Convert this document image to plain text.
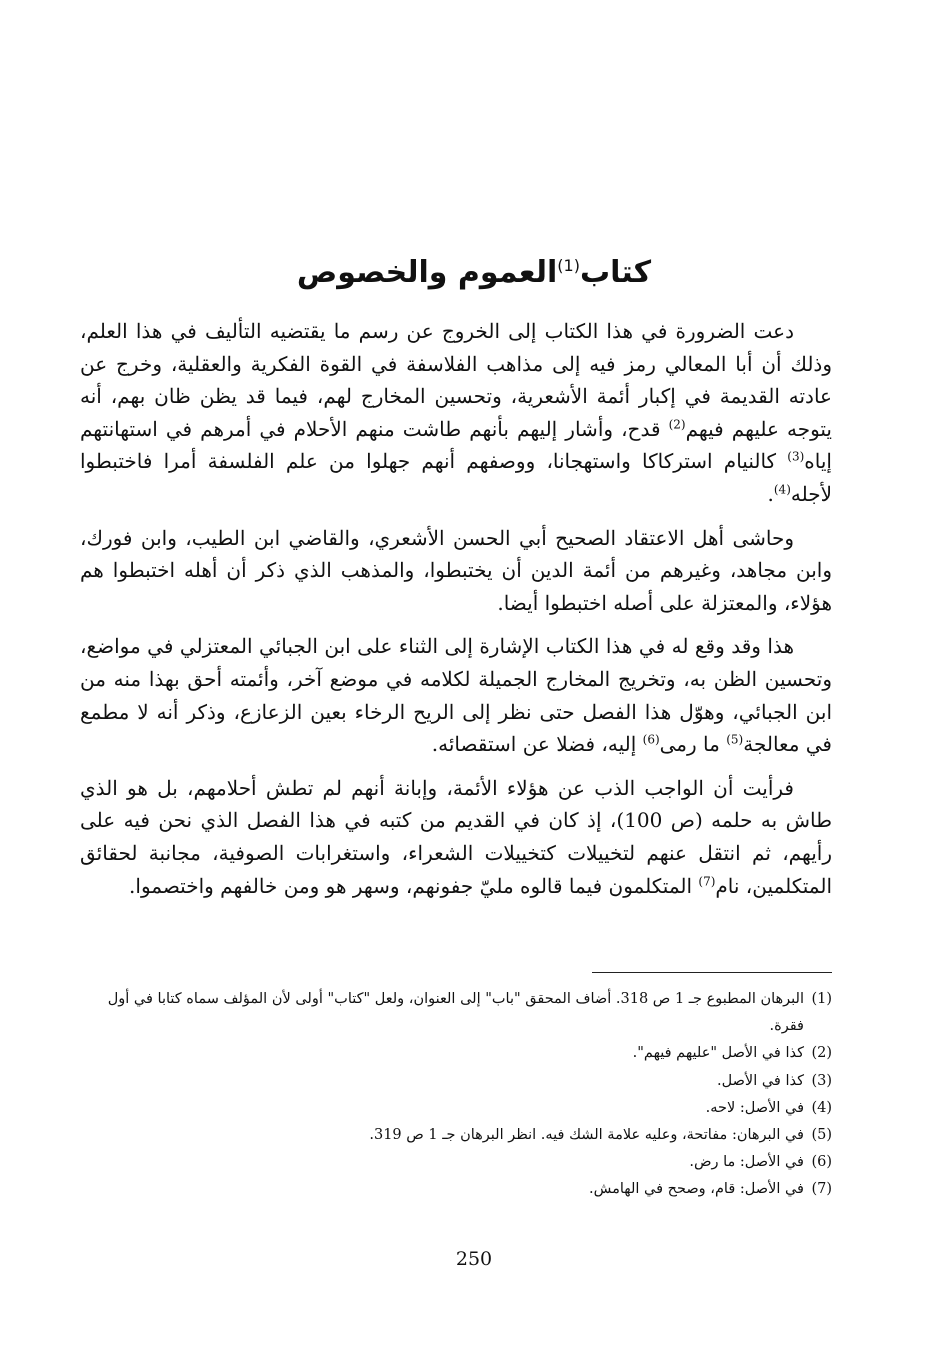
كتاب$^{(1)}$العموم والخصوص

دعت الضرورة في هذا الكتاب إلى الخروج عن رسم ما يقتضيه التأليف في هذا العلم، وذلك أن أبا المعالي رمز فيه إلى مذاهب الفلاسفة في القوة الفكرية والعقلية، وخرج عن عادته القديمة في إكبار أئمة الأشعرية، وتحسين المخارج لهم، فيما قد يظن ظان بهم، أنه يتوجه عليهم فيهم$^{(2)}$ قدح، وأشار إليهم بأنهم طاشت منهم الأحلام في أمرهم في استهانتهم إياه$^{(3)}$ كالنيام استركاكا واستهجانا، ووصفهم أنهم جهلوا من علم الفلسفة أمرا فاختبطوا لأجله$^{(4)}$.

وحاشى أهل الاعتقاد الصحيح أبي الحسن الأشعري، والقاضي ابن الطيب، وابن فورك، وابن مجاهد، وغيرهم من أئمة الدين أن يختبطوا، والمذهب الذي ذكر أن أهله اختبطوا هم هؤلاء، والمعتزلة على أصله اختبطوا أيضا.

هذا وقد وقع له في هذا الكتاب الإشارة إلى الثناء على ابن الجبائي المعتزلي في مواضع، وتحسين الظن به، وتخريج المخارج الجميلة لكلامه في موضع آخر، وأئمته أحق بهذا منه من ابن الجبائي، وهوّل هذا الفصل حتى نظر إلى الريح الرخاء بعين الزعازع، وذكر أنه لا مطمع في معالجة$^{(5)}$ ما رمى$^{(6)}$ إليه، فضلا عن استقصائه.

فرأيت أن الواجب الذب عن هؤلاء الأئمة، وإبانة أنهم لم تطش أحلامهم، بل هو الذي طاش به حلمه (ص 100)، إذ كان في القديم من كتبه في هذا الفصل الذي نحن فيه على رأيهم، ثم انتقل عنهم لتخييلات كتخييلات الشعراء، واستغرابات الصوفية، مجانبة لحقائق المتكلمين، نام$^{(7)}$ المتكلمون فيما قالوه مليّ جفونهم، وسهر هو ومن خالفهم واختصموا.

(1)
البرهان المطبوع جـ 1 ص 318. أضاف المحقق "باب" إلى العنوان، ولعل "كتاب" أولى لأن المؤلف سماه كتابا في أول فقرة.

(2)
كذا في الأصل "عليهم فيهم".

(3)
كذا في الأصل.

(4)
في الأصل: لاحه.

(5)
في البرهان: مفاتحة، وعليه علامة الشك فيه. انظر البرهان جـ 1 ص 319.

(6)
في الأصل: ما رض.

(7)
في الأصل: قام، وصحح في الهامش.

250
